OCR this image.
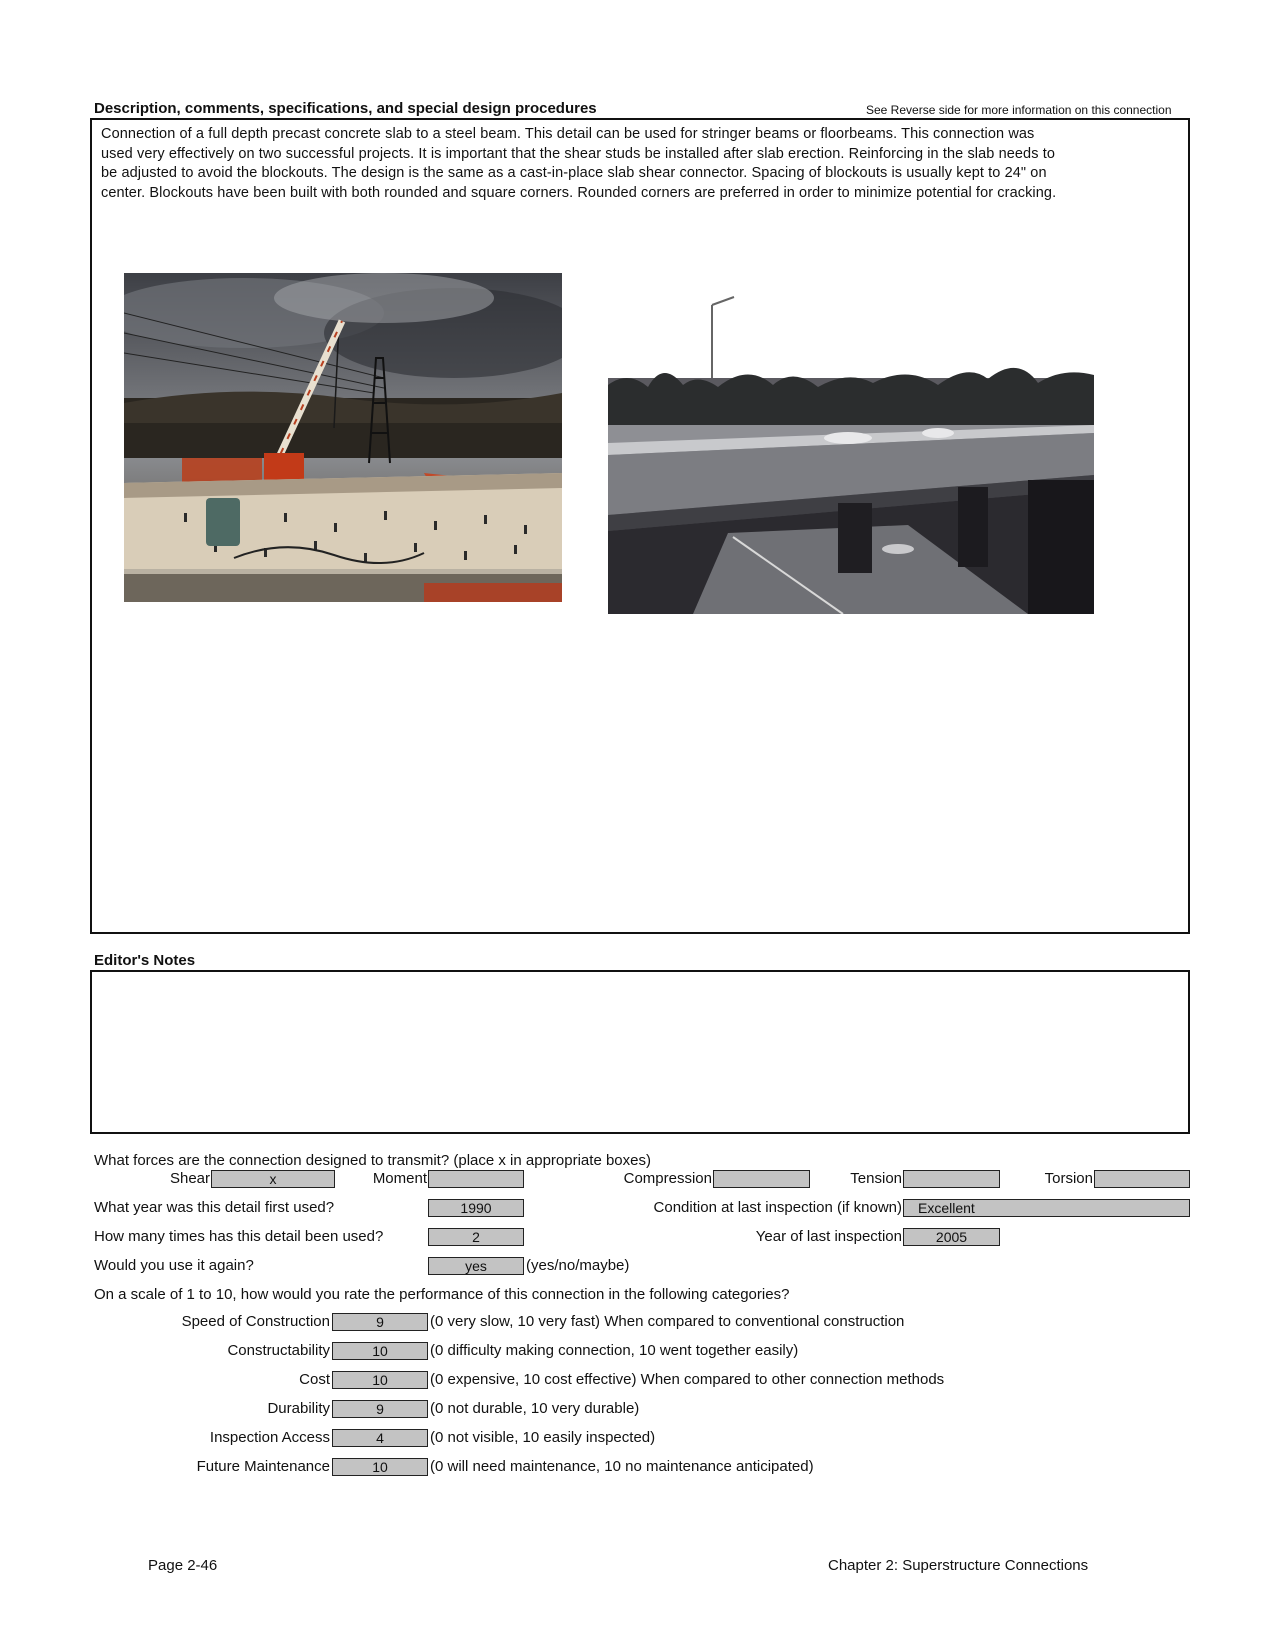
Description, comments, specifications, and special design procedures	See Reverse side for more information on this connection
Connection of a full depth precast concrete slab to a steel beam. This detail can be used for stringer beams or floorbeams. This connection was
used very effectively on two successful projects. It is important that the shear studs be installed after slab erection. Reinforcing in the slab needs to
be adjusted to avoid the blockouts. The design is the same as a cast-in-place slab shear connector. Spacing of blockouts is usually kept to 24" on
center. Blockouts have been built with both rounded and square corners. Rounded corners are preferred in order to minimize potential for cracking.
Editor's Notes
What forces are the connection designed to transmit? (place x in appropriate boxes)
Shear	x	Moment	Compression	Tension	Torsion
What year was this detail first used?	1990	Condition at last inspection (if known)	Excellent
How many times has this detail been used?	2	Year of last inspection	2005
Would you use it again?	yes	(yes/no/maybe)
On a scale of 1 to 10, how would you rate the performance of this connection in the following categories?
Speed of Construction	9	(0 very slow, 10 very fast) When compared to conventional construction
Constructability	10	(0 difficulty making connection, 10 went together easily)
Cost	10	(0 expensive, 10 cost effective) When compared to other connection methods
Durability	9	(0 not durable, 10 very durable)
Inspection Access	4	(0 not visible, 10 easily inspected)
Future Maintenance	10	(0 will need maintenance, 10 no maintenance anticipated)
Page 2-46	Chapter 2: Superstructure Connections
